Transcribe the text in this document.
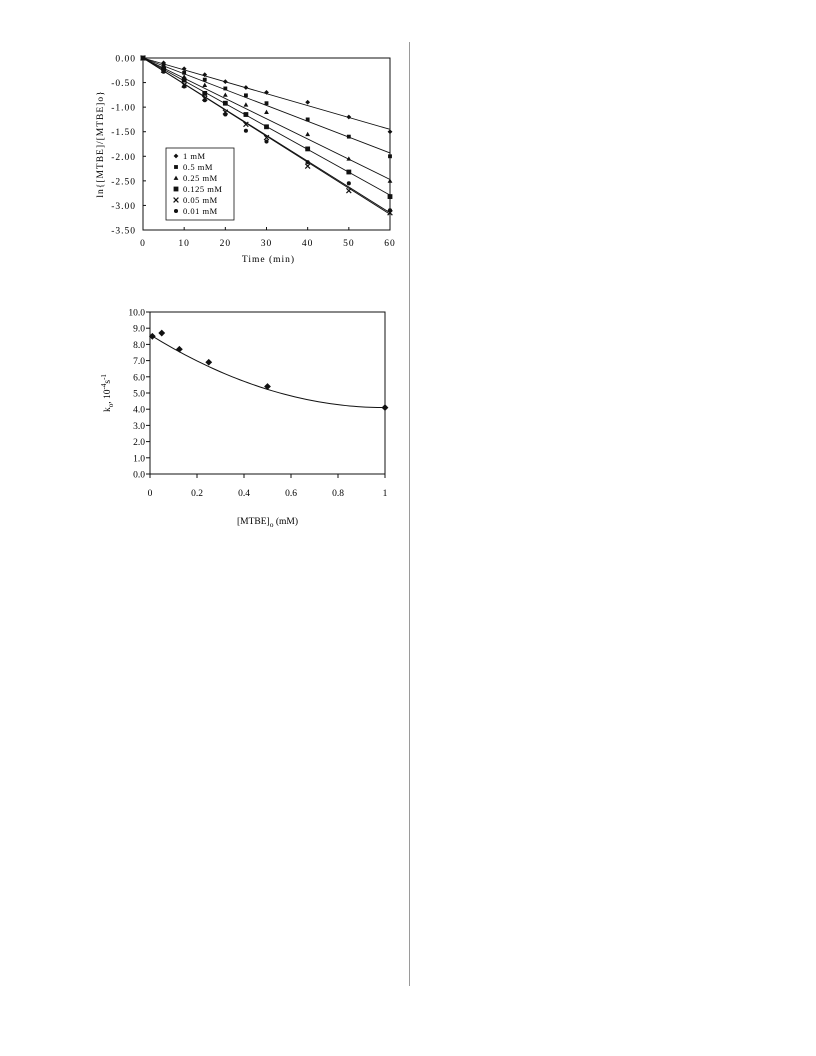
0	10	20	30	40	50	60
0.00
-0.50
-1.00
-1.50
-2.00
-2.50
-3.00
-3.50
Time (min)
ln{[MTBE]/[MTBE]o}	1 mM
0.5 mM
0.25 mM
0.125 mM
0.05 mM
0.01 mM
0	0.2	0.4	0.6	0.8	1
0.0
1.0
2.0
3.0
4.0
5.0
6.0
7.0
8.0
9.0
10.0
$[MTBE]_o$ (mM)
$k_o$, $10^{-4}s^{-1}$
